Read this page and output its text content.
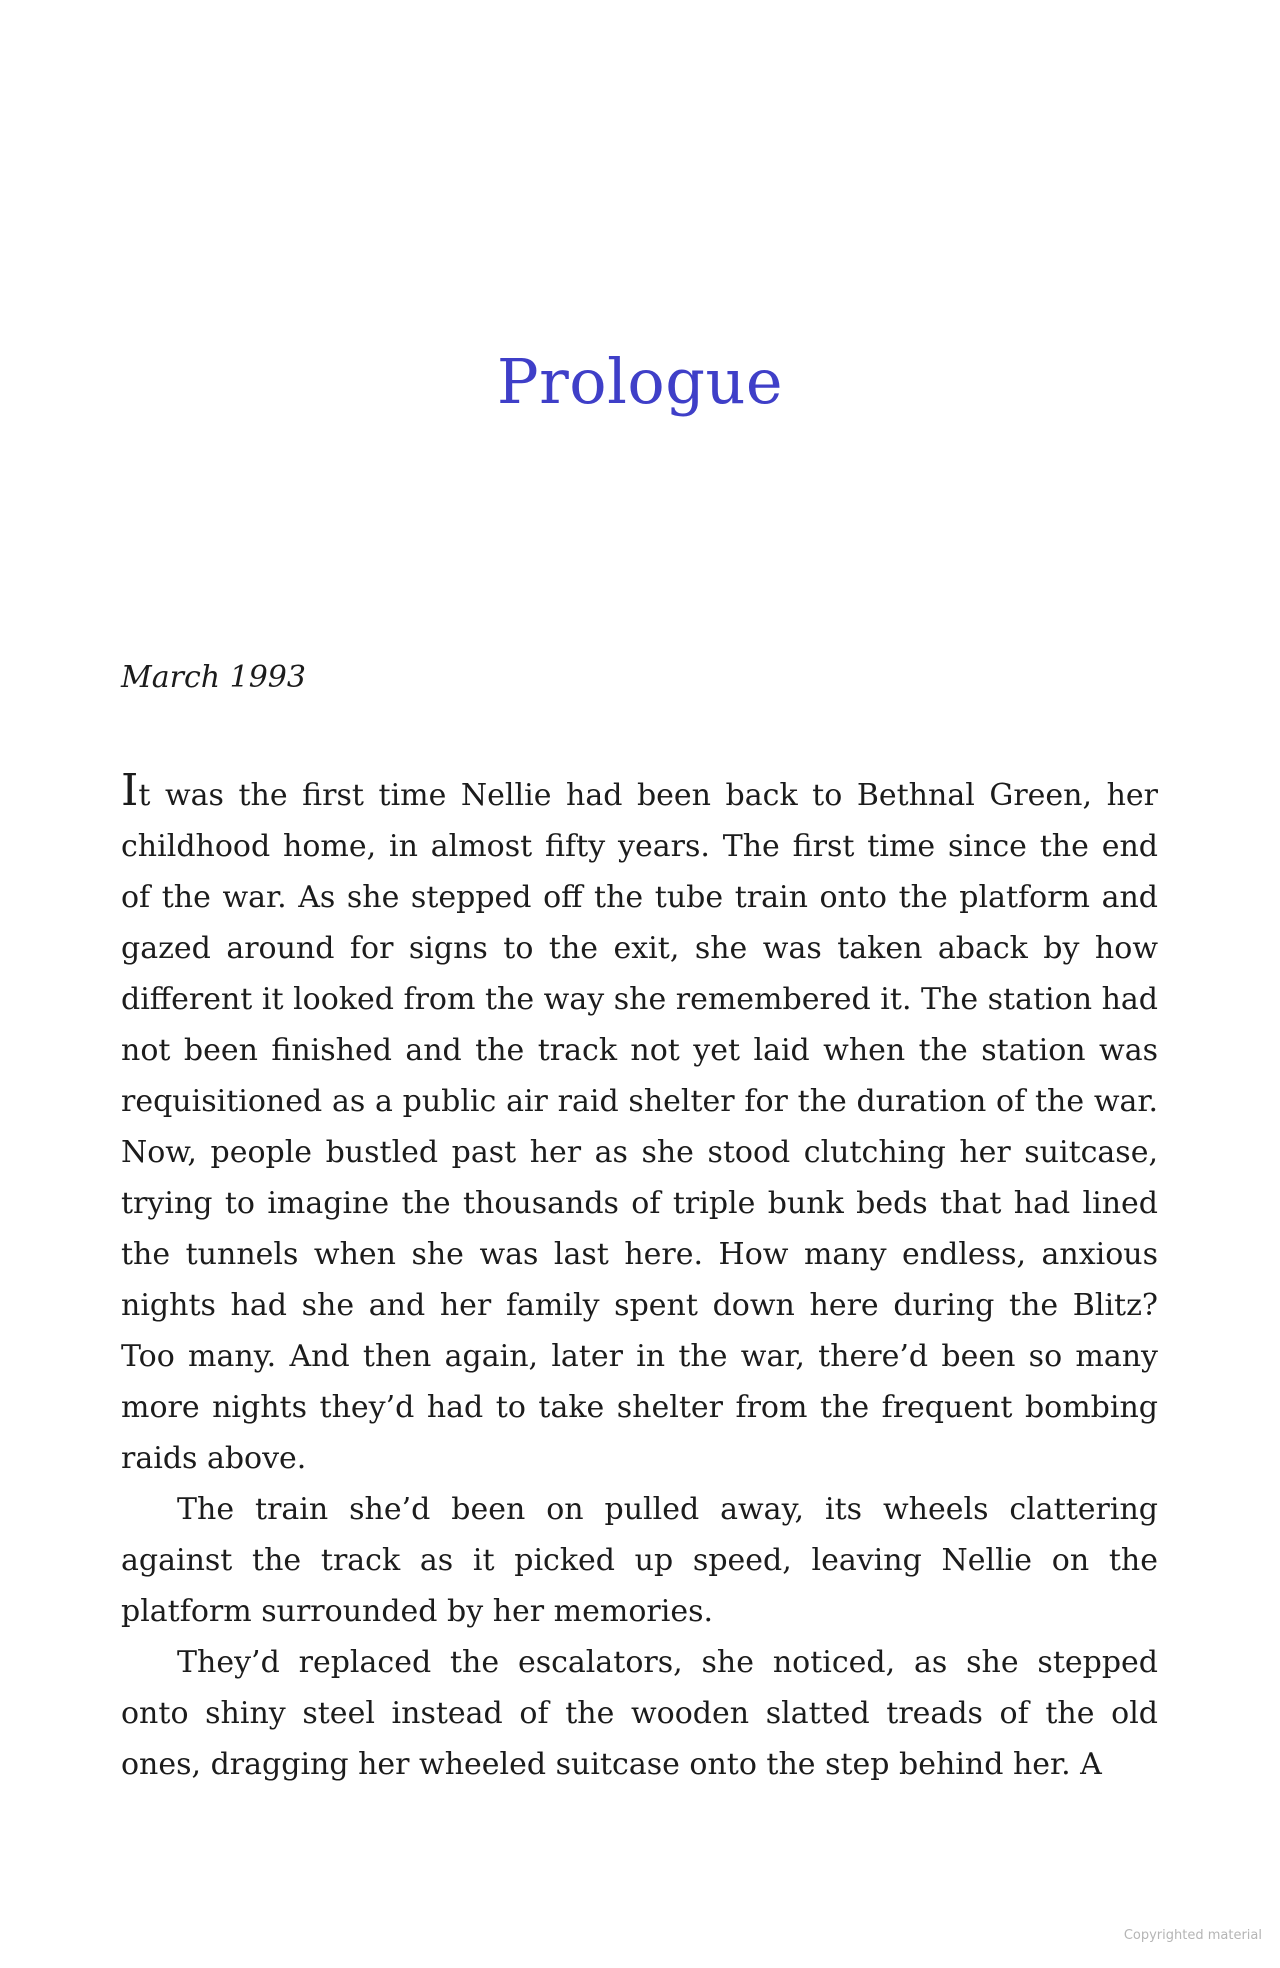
Prologue

March 1993

It was the first time Nellie had been back to Bethnal Green, her childhood home, in almost fifty years. The first time since the end of the war. As she stepped off the tube train onto the platform and gazed around for signs to the exit, she was taken aback by how different it looked from the way she remembered it. The station had not been finished and the track not yet laid when the station was requisitioned as a public air raid shelter for the duration of the war. Now, people bustled past her as she stood clutching her suitcase, trying to imagine the thousands of triple bunk beds that had lined the tunnels when she was last here. How many endless, anxious nights had she and her family spent down here during the Blitz? Too many. And then again, later in the war, there’d been so many more nights they’d had to take shelter from the frequent bombing raids above.

The train she’d been on pulled away, its wheels clattering against the track as it picked up speed, leaving Nellie on the platform surrounded by her memories.

They’d replaced the escalators, she noticed, as she stepped onto shiny steel instead of the wooden slatted treads of the old ones, dragging her wheeled suitcase onto the step behind her. A

Copyrighted material
